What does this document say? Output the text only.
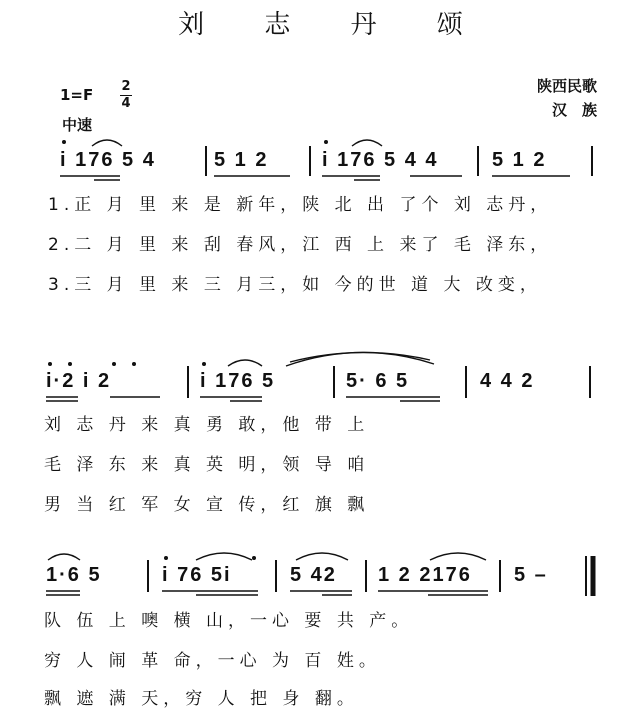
刘 志 丹 颂
1=F 2
4
中速
陕西民歌
汉　族
i 176 5 4	5 1 2	i 176 5 4 4	5 1 2
1.正 月 里 来 是 新年，陕 北 出 了个 刘 志丹，
2.二 月 里 来 刮 春风，江 西 上 来了 毛 泽东，
3.三 月 里 来 三 月三，如 今的世 道 大 改变，
i·2 i 2	i 176 5	5· 6 5	4 4 2
刘 志 丹 来 真 勇 敢，他 带 上
毛 泽 东 来 真 英 明，领 导 咱
男 当 红 军 女 宣 传，红 旗 飘
1·6 5	i 76 5i	5 42 1 2 2176 5 –
队 伍 上 噢 横 山，一心 要 共 产。
穷 人 闹 革 命，一心 为 百 姓。
飘 遮 满 天，穷 人 把 身 翻。
